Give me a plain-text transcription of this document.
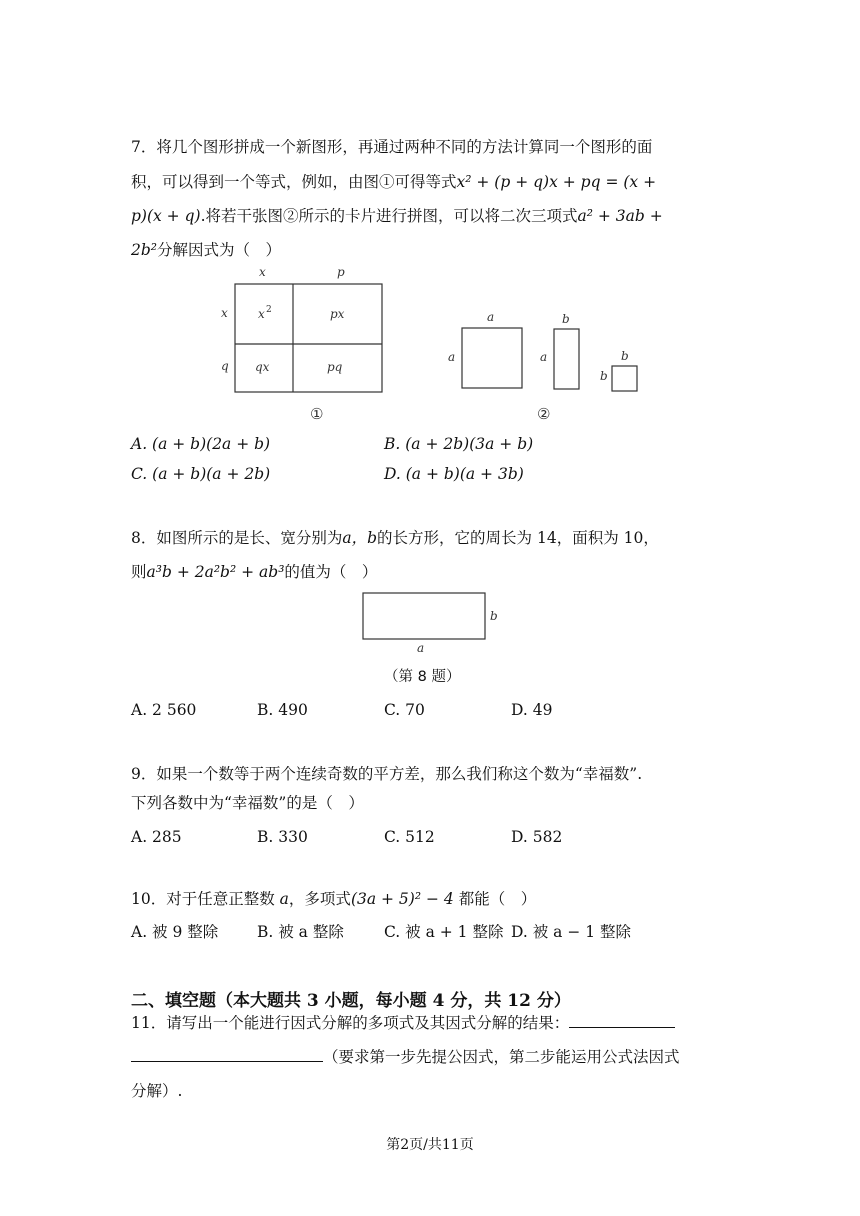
7．将几个图形拼成一个新图形，再通过两种不同的方法计算同一个图形的面
积，可以得到一个等式，例如，由图①可得等式x² + (p + q)x + pq = (x +
p)(x + q).将若干张图②所示的卡片进行拼图，可以将二次三项式a² + 3ab +
2b²分解因式为（　）
x	p
x
q
x 2	px
qx	pq
①
a
a
b
a	b
b
②
A. (a + b)(2a + b)	B. (a + 2b)(3a + b)
C. (a + b)(a + 2b)	D. (a + b)(a + 3b)
8．如图所示的是长、宽分别为a，b的长方形，它的周长为 14，面积为 10，
则a³b + 2a²b² + ab³的值为（　）
b
a
（第 8 题）
A. 2 560	B. 490	C. 70	D. 49
9．如果一个数等于两个连续奇数的平方差，那么我们称这个数为“幸福数”.
下列各数中为“幸福数”的是（　）
A. 285	B. 330	C. 512	D. 582
10．对于任意正整数 a，多项式(3a + 5)² − 4 都能（　）
A. 被 9 整除 B. 被 a 整除	C. 被 a + 1 整除 D. 被 a − 1 整除
二、填空题（本大题共 3 小题，每小题 4 分，共 12 分）
11．请写出一个能进行因式分解的多项式及其因式分解的结果：
（要求第一步先提公因式，第二步能运用公式法因式
分解）.
第2页/共11页
